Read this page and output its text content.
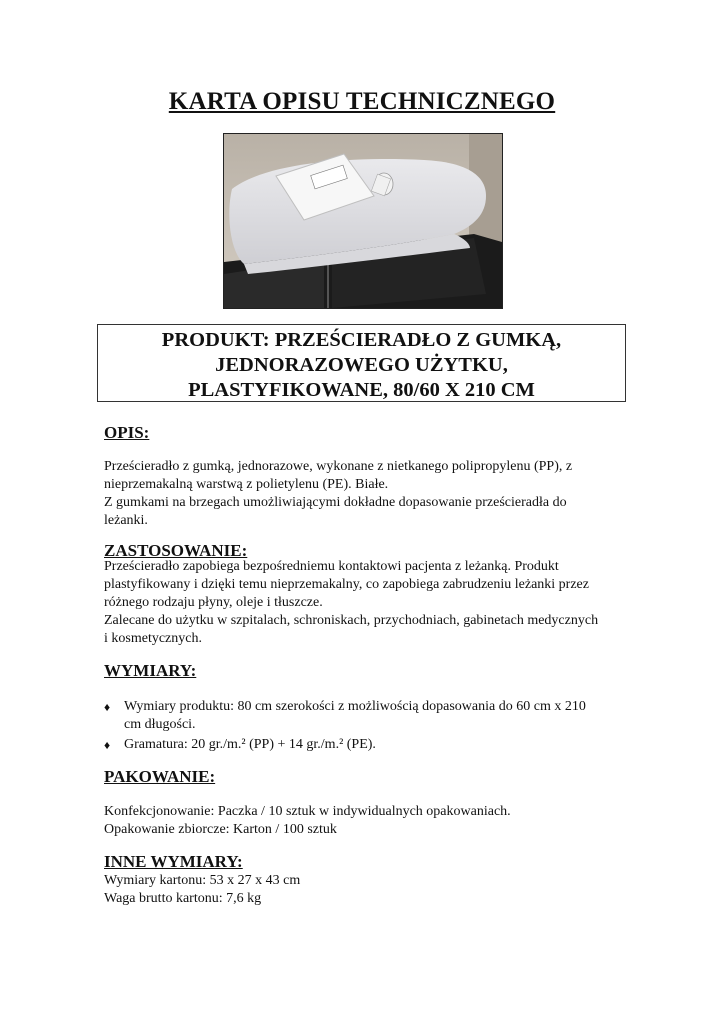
KARTA OPISU TECHNICZNEGO
PRODUKT: PRZEŚCIERADŁO Z GUMKĄ,
JEDNORAZOWEGO UŻYTKU,
PLASTYFIKOWANE, 80/60 X 210 CM
OPIS:
Prześcieradło z gumką, jednorazowe, wykonane z nietkanego polipropylenu (PP), z
nieprzemakalną warstwą z polietylenu (PE). Białe.
Z gumkami na brzegach umożliwiającymi dokładne dopasowanie prześcieradła do
leżanki.
ZASTOSOWANIE:
Prześcieradło zapobiega bezpośredniemu kontaktowi pacjenta z leżanką. Produkt
plastyfikowany i dzięki temu nieprzemakalny, co zapobiega zabrudzeniu leżanki przez
różnego rodzaju płyny, oleje i tłuszcze.
Zalecane do użytku w szpitalach, schroniskach, przychodniach, gabinetach medycznych
i kosmetycznych.
WYMIARY:
♦ Wymiary produktu: 80 cm szerokości z możliwością dopasowania do 60 cm x 210
cm długości.
♦ Gramatura: 20 gr./m.² (PP) + 14 gr./m.² (PE).
PAKOWANIE:
Konfekcjonowanie: Paczka / 10 sztuk w indywidualnych opakowaniach.
Opakowanie zbiorcze: Karton / 100 sztuk
INNE WYMIARY:
Wymiary kartonu: 53 x 27 x 43 cm
Waga brutto kartonu: 7,6 kg
